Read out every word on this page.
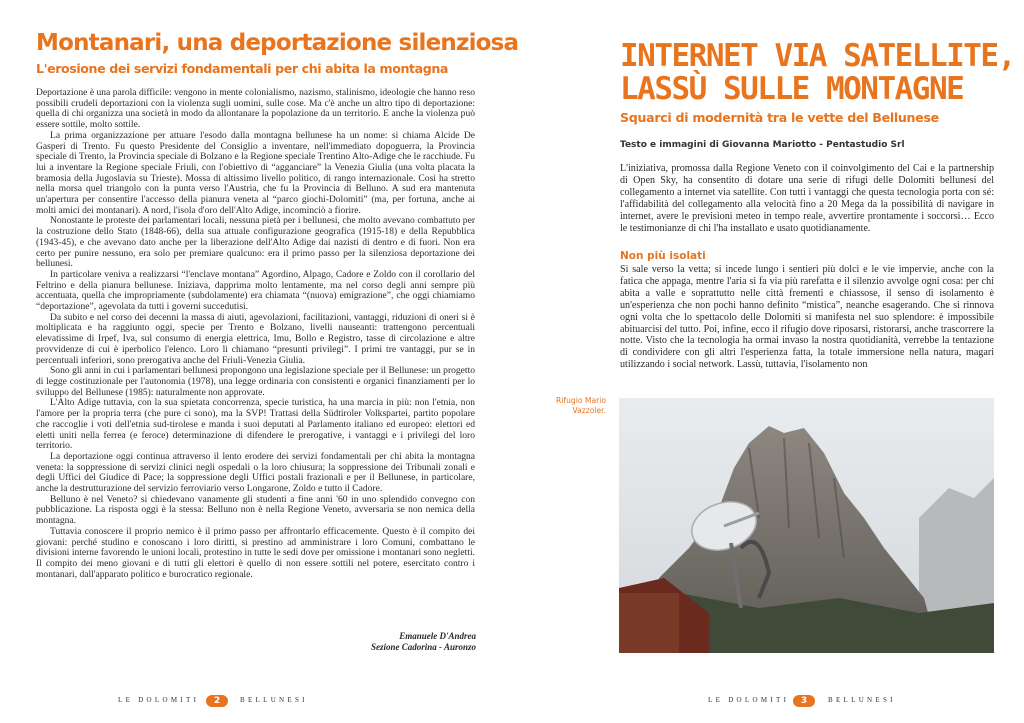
Montanari, una deportazione silenziosa
L'erosione dei servizi fondamentali per chi abita la montagna

Deportazione è una parola difficile: vengono in mente colonialismo, nazismo, stalinismo, ideologie che hanno reso possibili crudeli deportazioni con la violenza sugli uomini, sulle cose. Ma c'è anche un altro tipo di deportazione: quella di chi organizza una società in modo da allontanare la popolazione da un territorio. E anche la violenza può essere sottile, molto sottile.

La prima organizzazione per attuare l'esodo dalla montagna bellunese ha un nome: si chiama Alcide De Gasperi di Trento. Fu questo Presidente del Consiglio a inventare, nell'immediato dopoguerra, la Provincia speciale di Trento, la Provincia speciale di Bolzano e la Regione speciale Trentino Alto-Adige che le racchiude. Fu lui a inventare la Regione speciale Friuli, con l'obiettivo di “agganciare” la Venezia Giulia (una volta placata la bramosia della Jugoslavia su Trieste). Mossa di altissimo livello politico, di rango internazionale. Così ha stretto nella morsa quel triangolo con la punta verso l'Austria, che fu la Provincia di Belluno. A sud era mantenuta un'apertura per consentire l'accesso della pianura veneta al “parco giochi-Dolomiti” (ma, per fortuna, anche ai molti amici dei montanari). A nord, l'isola d'oro dell'Alto Adige, incominciò a fiorire.

Nonostante le proteste dei parlamentari locali, nessuna pietà per i bellunesi, che molto avevano combattuto per la costruzione dello Stato (1848-66), della sua attuale configurazione geografica (1915-18) e della Repubblica (1943-45), e che avevano dato anche per la liberazione dell'Alto Adige dai nazisti di dentro e di fuori. Non era certo per punire nessuno, era solo per premiare qualcuno: era il primo passo per la silenziosa deportazione dei bellunesi.

In particolare veniva a realizzarsi “l'enclave montana” Agordino, Alpago, Cadore e Zoldo con il corollario del Feltrino e della pianura bellunese. Iniziava, dapprima molto lentamente, ma nel corso degli anni sempre più accentuata, quella che impropriamente (subdolamente) era chiamata “(nuova) emigrazione”, che oggi chiamiamo “deportazione”, agevolata da tutti i governi succedutisi.

Da subito e nel corso dei decenni la massa di aiuti, agevolazioni, facilitazioni, vantaggi, riduzioni di oneri si è moltiplicata e ha raggiunto oggi, specie per Trento e Bolzano, livelli nauseanti: trattengono percentuali elevatissime di Irpef, Iva, sul consumo di energia elettrica, Imu, Bollo e Registro, tasse di circolazione e altre provvidenze di cui è iperbolico l'elenco. Loro li chiamano “presunti privilegi”. I primi tre vantaggi, pur se in percentuali inferiori, sono prerogativa anche del Friuli-Venezia Giulia.

Sono gli anni in cui i parlamentari bellunesi propongono una legislazione speciale per il Bellunese: un progetto di legge costituzionale per l'autonomia (1978), una legge ordinaria con consistenti e organici finanziamenti per lo sviluppo del Bellunese (1985): naturalmente non approvate.

L'Alto Adige tuttavia, con la sua spietata concorrenza, specie turistica, ha una marcia in più: non l'etnia, non l'amore per la propria terra (che pure ci sono), ma la SVP! Trattasi della Südtiroler Volkspartei, partito popolare che raccoglie i voti dell'etnia sud-tirolese e manda i suoi deputati al Parlamento italiano ed europeo: elettori ed eletti uniti nella ferrea (e feroce) determinazione di difendere le prerogative, i vantaggi e i privilegi del loro territorio.

La deportazione oggi continua attraverso il lento erodere dei servizi fondamentali per chi abita la montagna veneta: la soppressione di servizi clinici negli ospedali o la loro chiusura; la soppressione dei Tribunali zonali e degli Uffici del Giudice di Pace; la soppressione degli Uffici postali frazionali e per il Bellunese, in particolare, anche la destrutturazione del servizio ferroviario verso Longarone, Zoldo e tutto il Cadore.

Belluno è nel Veneto? si chiedevano vanamente gli studenti a fine anni '60 in uno splendido convegno con pubblicazione. La risposta oggi è la stessa: Belluno non è nella Regione Veneto, avversaria se non nemica della montagna.

Tuttavia conoscere il proprio nemico è il primo passo per affrontarlo efficacemente. Questo è il compito dei giovani: perché studino e conoscano i loro diritti, si prestino ad amministrare i loro Comuni, combattano le divisioni interne favorendo le unioni locali, protestino in tutte le sedi dove per omissione i montanari sono negletti. Il compito dei meno giovani e di tutti gli elettori è quello di non essere sottili nel potere, esercitato contro i montanari, dall'apparato politico e burocratico regionale.

Emanuele D'Andrea
Sezione Cadorina - Auronzo
LE DOLOMITI	2	BELLUNESI
INTERNET VIA SATELLITE,
LASSÙ SULLE MONTAGNE
Squarci di modernità tra le vette del Bellunese

Testo e immagini di Giovanna Mariotto - Pentastudio Srl

L'iniziativa, promossa dalla Regione Veneto con il coinvolgimento del Cai e la partnership di Open Sky, ha consentito di dotare una serie di rifugi delle Dolomiti bellunesi del collegamento a internet via satellite. Con tutti i vantaggi che questa tecnologia porta con sé: l'affidabilità del collegamento alla velocità fino a 20 Mega da la possibilità di navigare in internet, avere le previsioni meteo in tempo reale, avvertire prontamente i soccorsi… Ecco le testimonianze di chi l'ha installato e usato quotidianamente.

Non più isolati

Si sale verso la vetta; si incede lungo i sentieri più dolci e le vie impervie, anche con la fatica che appaga, mentre l'aria si fa via più rarefatta e il silenzio avvolge ogni cosa: per chi abita a valle e soprattutto nelle città frementi e chiassose, il senso di isolamento è un'esperienza che non pochi hanno definito “mistica”, neanche esagerando. Che si rinnova ogni volta che lo spettacolo delle Dolomiti si manifesta nel suo splendore: è impossibile abituarcisi del tutto. Poi, infine, ecco il rifugio dove riposarsi, ristorarsi, anche trascorrere la notte. Visto che la tecnologia ha ormai invaso la nostra quotidianità, verrebbe la tentazione di condividere con gli altri l'esperienza fatta, la totale immersione nella natura, magari utilizzando i social network. Lassù, tuttavia, l'isolamento non

Rifugio Mario Vazzoler.
LE DOLOMITI	3	BELLUNESI
